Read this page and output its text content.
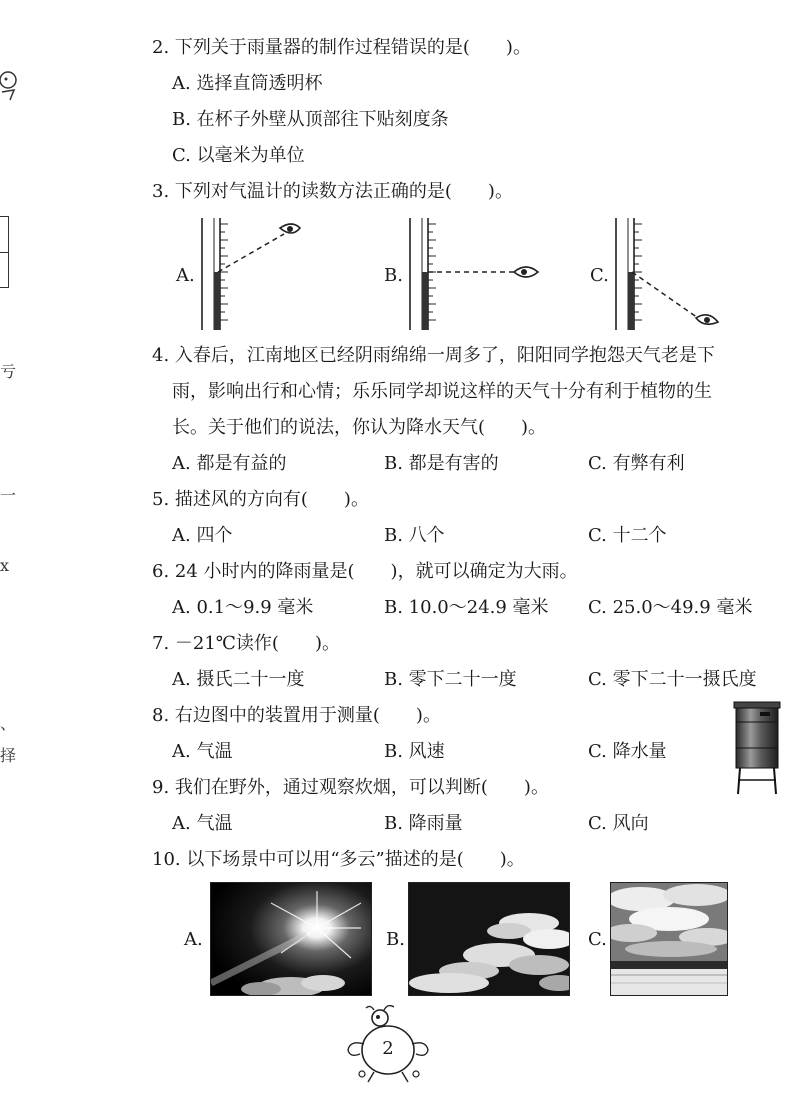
亏
一
x
、
择
2. 下列关于雨量器的制作过程错误的是(　　)。
A. 选择直筒透明杯
B. 在杯子外壁从顶部往下贴刻度条
C. 以毫米为单位
3. 下列对气温计的读数方法正确的是(　　)。
A.	B.	C.
4. 入春后，江南地区已经阴雨绵绵一周多了，阳阳同学抱怨天气老是下
雨，影响出行和心情；乐乐同学却说这样的天气十分有利于植物的生
长。关于他们的说法，你认为降水天气(　　)。
A. 都是有益的	B. 都是有害的	C. 有弊有利
5. 描述风的方向有(　　)。
A. 四个	B. 八个	C. 十二个
6. 24 小时内的降雨量是(　　)，就可以确定为大雨。
A. 0.1～9.9 毫米	B. 10.0～24.9 毫米 C. 25.0～49.9 毫米
7. －21℃读作(　　)。
A. 摄氏二十一度	B. 零下二十一度	C. 零下二十一摄氏度
8. 右边图中的装置用于测量(　　)。
A. 气温	B. 风速	C. 降水量
9. 我们在野外，通过观察炊烟，可以判断(　　)。
A. 气温	B. 降雨量	C. 风向
10. 以下场景中可以用“多云”描述的是(　　)。
A.	B.	C.
2
